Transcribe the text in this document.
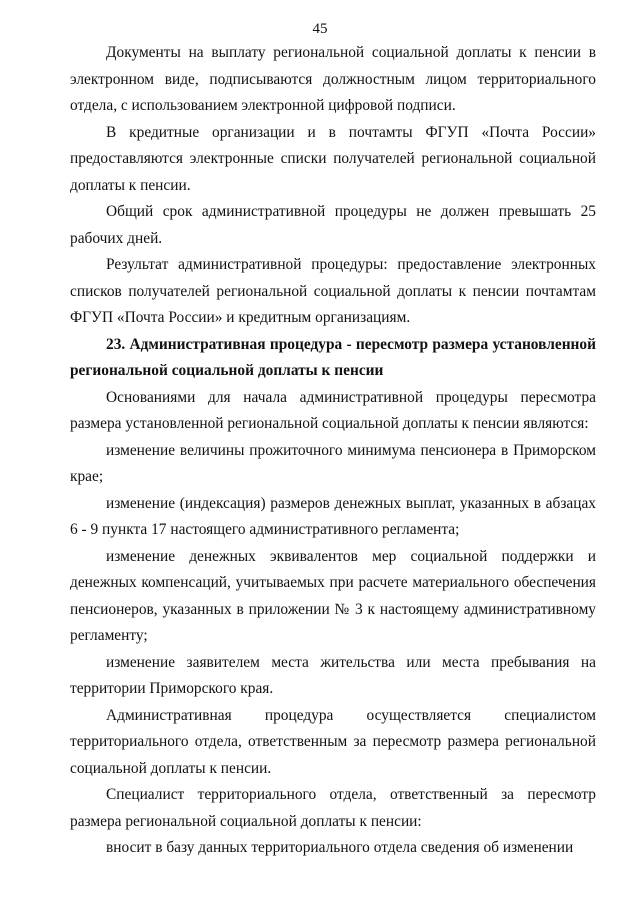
45

Документы на выплату региональной социальной доплаты к пенсии в электронном виде, подписываются должностным лицом территориального отдела, с использованием электронной цифровой подписи.

В кредитные организации и в почтамты ФГУП «Почта России» предоставляются электронные списки получателей региональной социальной доплаты к пенсии.

Общий срок административной процедуры не должен превышать 25 рабочих дней.

Результат административной процедуры: предоставление электронных списков получателей региональной социальной доплаты к пенсии почтамтам ФГУП «Почта России» и кредитным организациям.

23. Административная процедура - пересмотр размера установленной региональной социальной доплаты к пенсии

Основаниями для начала административной процедуры пересмотра размера установленной региональной социальной доплаты к пенсии являются:

изменение величины прожиточного минимума пенсионера в Приморском крае;

изменение (индексация) размеров денежных выплат, указанных в абзацах 6 - 9 пункта 17 настоящего административного регламента;

изменение денежных эквивалентов мер социальной поддержки и денежных компенсаций, учитываемых при расчете материального обеспечения пенсионеров, указанных в приложении № 3 к настоящему административному регламенту;

изменение заявителем места жительства или места пребывания на территории Приморского края.

Административная процедура осуществляется специалистом территориального отдела, ответственным за пересмотр размера региональной социальной доплаты к пенсии.

Специалист территориального отдела, ответственный за пересмотр размера региональной социальной доплаты к пенсии:

вносит в базу данных территориального отдела сведения об изменении
